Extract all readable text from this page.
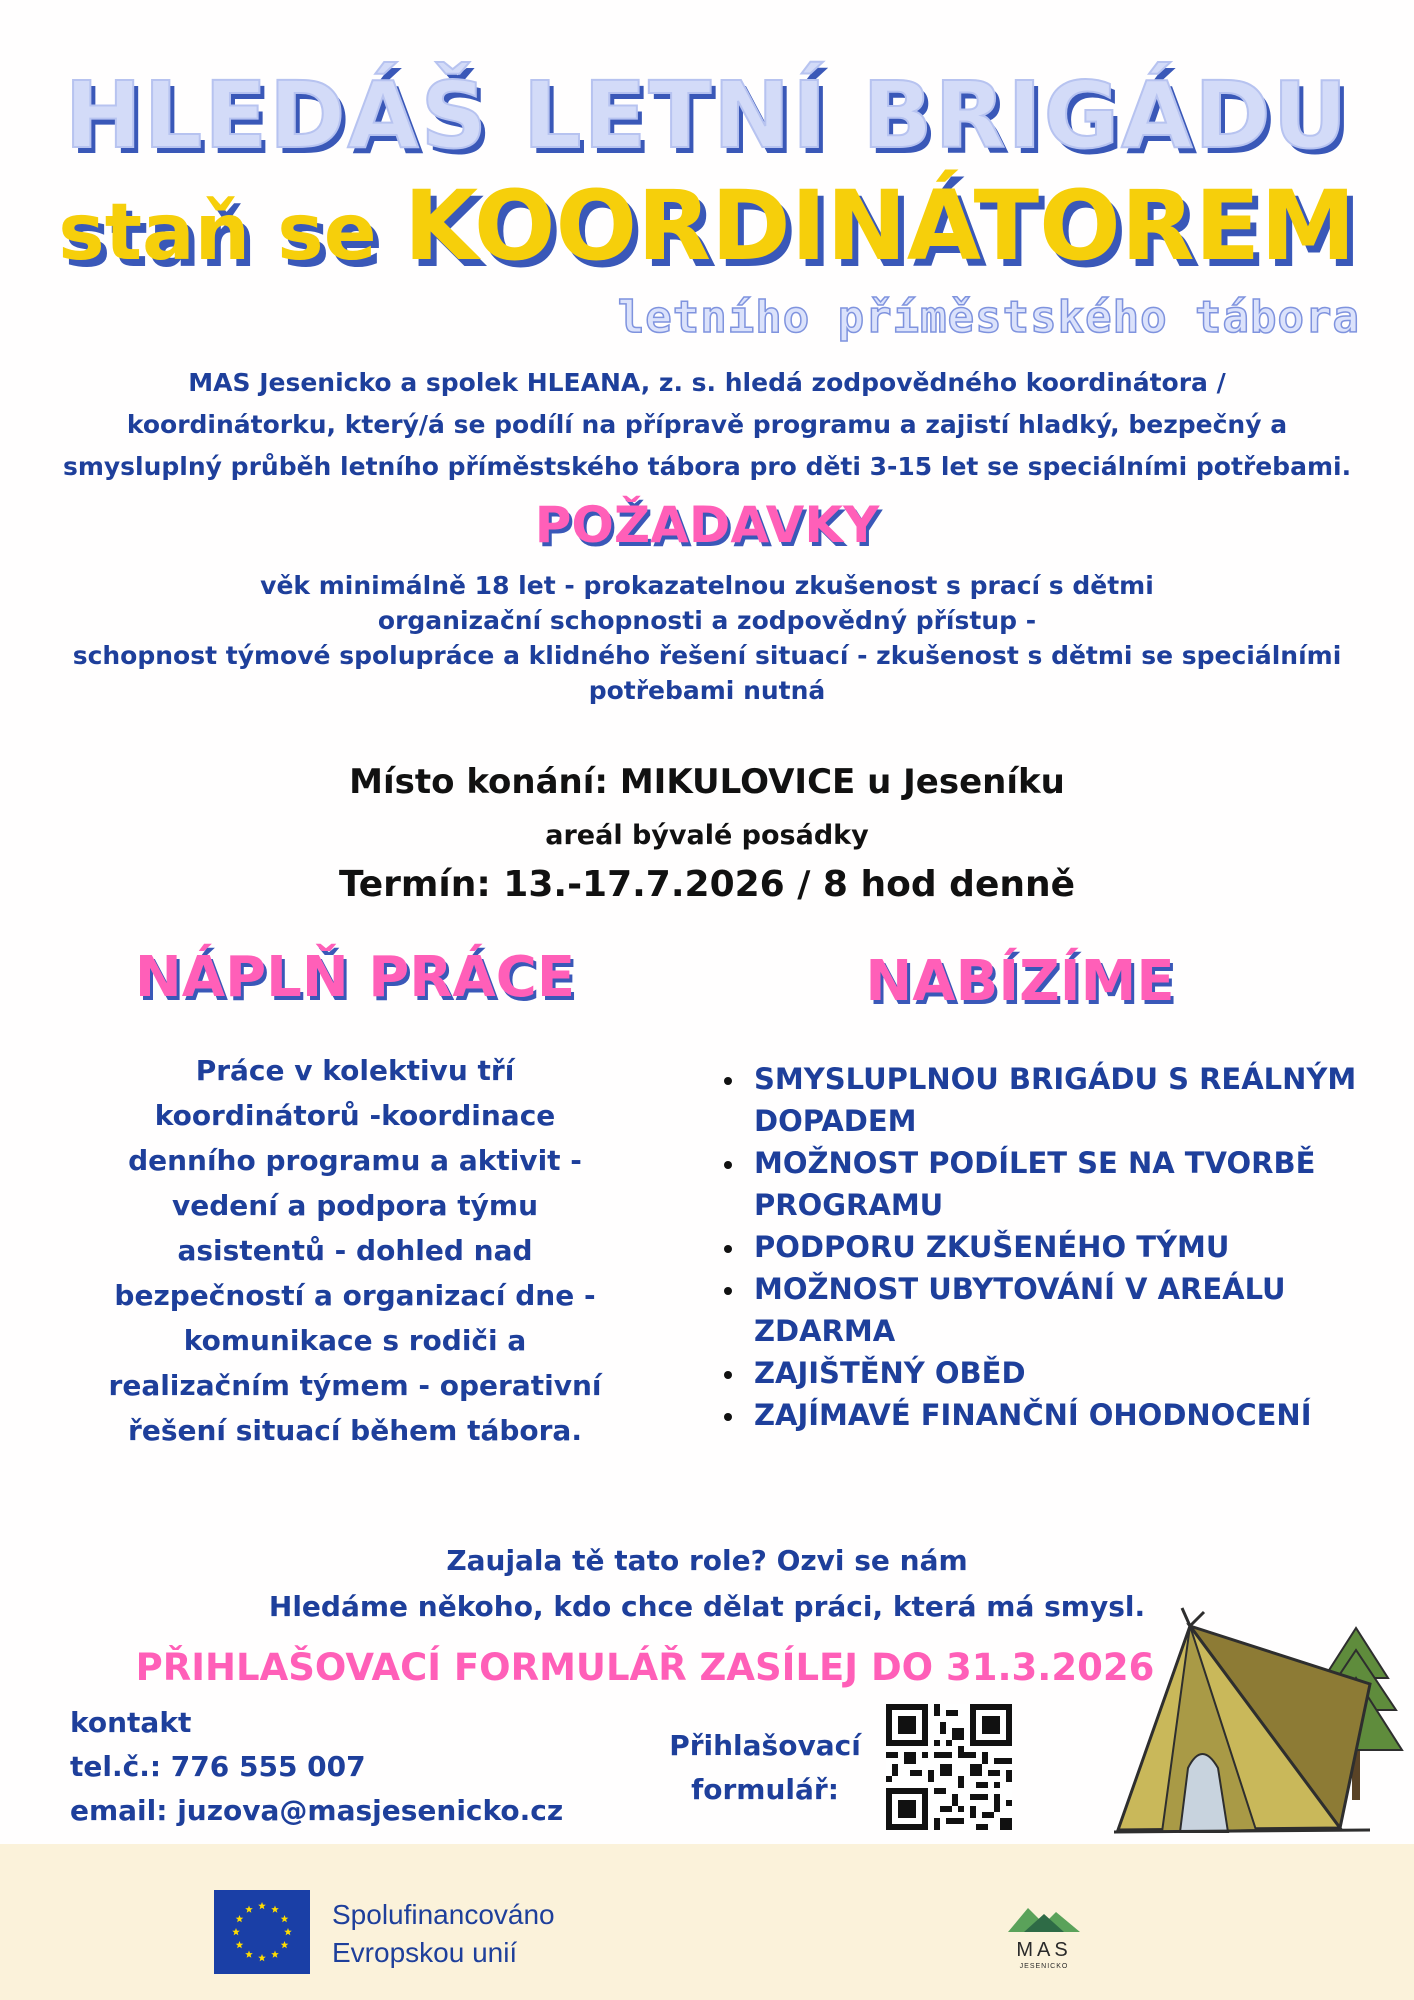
HLEDÁŠ LETNÍ BRIGÁDU
staň se KOORDINÁTOREM
letního příměstského tábora
MAS Jesenicko a spolek HLEANA, z. s. hledá zodpovědného koordinátora /
koordinátorku, který/á se podílí na přípravě programu a zajistí hladký, bezpečný a
smysluplný průběh letního příměstského tábora pro děti 3-15 let se speciálními potřebami.
POŽADAVKY
věk minimálně 18 let - prokazatelnou zkušenost s prací s dětmi
organizační schopnosti a zodpovědný přístup -
schopnost týmové spolupráce a klidného řešení situací - zkušenost s dětmi se speciálními
potřebami nutná
Místo konání: MIKULOVICE u Jeseníku
areál bývalé posádky
Termín: 13.-17.7.2026 / 8 hod denně
NÁPLŇ PRÁCE	NABÍZÍME
Práce v kolektivu tří
koordinátorů -koordinace
denního programu a aktivit -
vedení a podpora týmu
asistentů - dohled nad
bezpečností a organizací dne -
komunikace s rodiči a
realizačním týmem - operativní
řešení situací během tábora.
SMYSLUPLNOU BRIGÁDU S REÁLNÝM DOPADEM
MOŽNOST PODÍLET SE NA TVORBĚ PROGRAMU
PODPORU ZKUŠENÉHO TÝMU
MOŽNOST UBYTOVÁNÍ V AREÁLU ZDARMA
ZAJIŠTĚNÝ OBĚD
ZAJÍMAVÉ FINANČNÍ OHODNOCENÍ
Zaujala tě tato role? Ozvi se nám
Hledáme někoho, kdo chce dělat práci, která má smysl.
PŘIHLAŠOVACÍ FORMULÁŘ ZASÍLEJ DO 31.3.2026
kontakt
tel.č.: 776 555 007
email: juzova@masjesenicko.cz
Přihlašovací
formulář:
Spolufinancováno
Evropskou unií	MAS
JESENICKO
